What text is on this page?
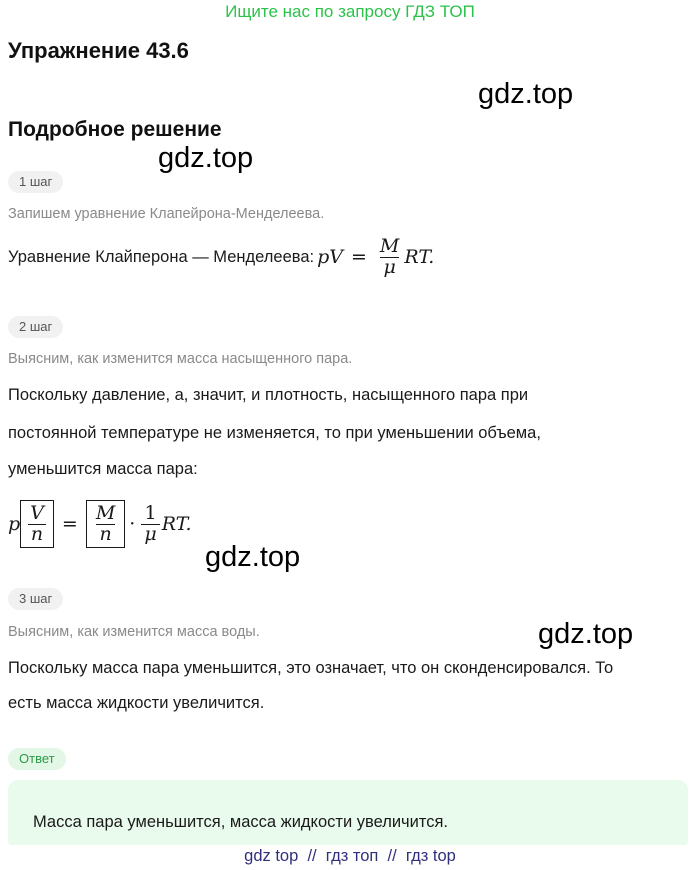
Ищите нас по запросу ГДЗ ТОП
Упражнение 43.6
gdz.top
gdz.top
gdz.top
gdz.top
Подробное решение
1 шаг
Запишем уравнение Клапейрона-Менделеева.
Уравнение Клайперона — Менделеева: pV = $\frac{M}{\mu}$ RT.
2 шаг
Выясним, как изменится масса насыщенного пара.
Поскольку давление, а, значит, и плотность, насыщенного пара при
постоянной температуре не изменяется, то при уменьшении объема,
уменьшится масса пара:
p $\frac{V}{n} = \frac{M}{n} \cdot \frac{1}{\mu}$ RT.
3 шаг
Выясним, как изменится масса воды.
Поскольку масса пара уменьшится, это означает, что он сконденсировался. То
есть масса жидкости увеличится.
Ответ
Масса пара уменьшится, масса жидкости увеличится.
gdz top  //  гдз топ  //  гдз top
